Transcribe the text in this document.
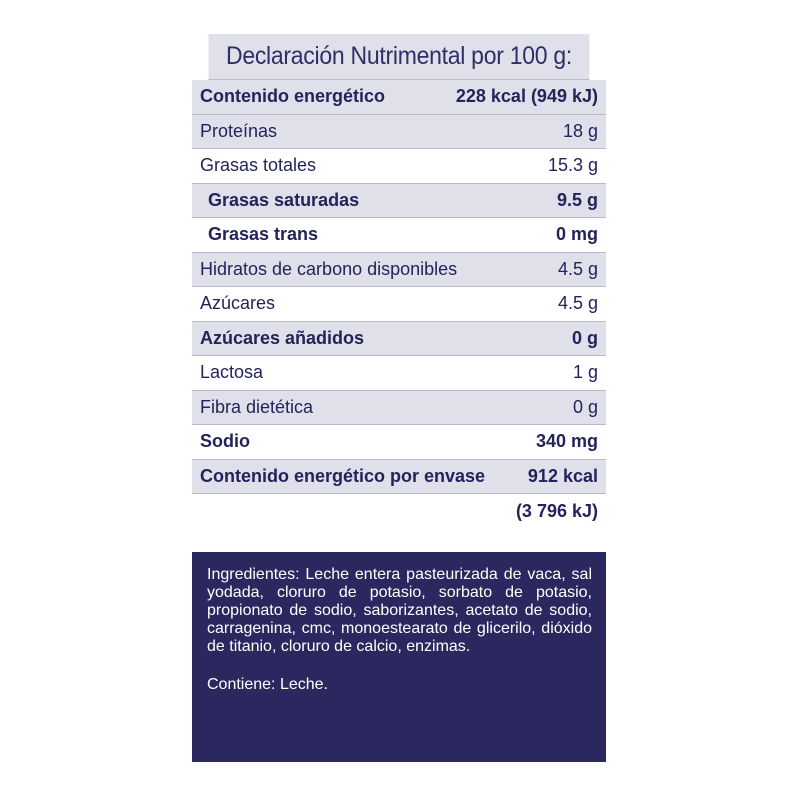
Declaración Nutrimental por 100 g:
Contenido energético	228 kcal (949 kJ)
Proteínas	18 g
Grasas totales	15.3 g
Grasas saturadas	9.5 g
Grasas trans	0 mg
Hidratos de carbono disponibles	4.5 g
Azúcares	4.5 g
Azúcares añadidos	0 g
Lactosa	1 g
Fibra dietética	0 g
Sodio	340 mg
Contenido energético por envase 912 kcal
(3 796 kJ)

Ingredientes: Leche entera pasteurizada de vaca, sal yodada, cloruro de potasio, sorbato de potasio, propionato de sodio, saborizantes, acetato de sodio, carragenina, cmc, monoestearato de glicerilo, dióxido de titanio, cloruro de calcio, enzimas.

Contiene: Leche.
